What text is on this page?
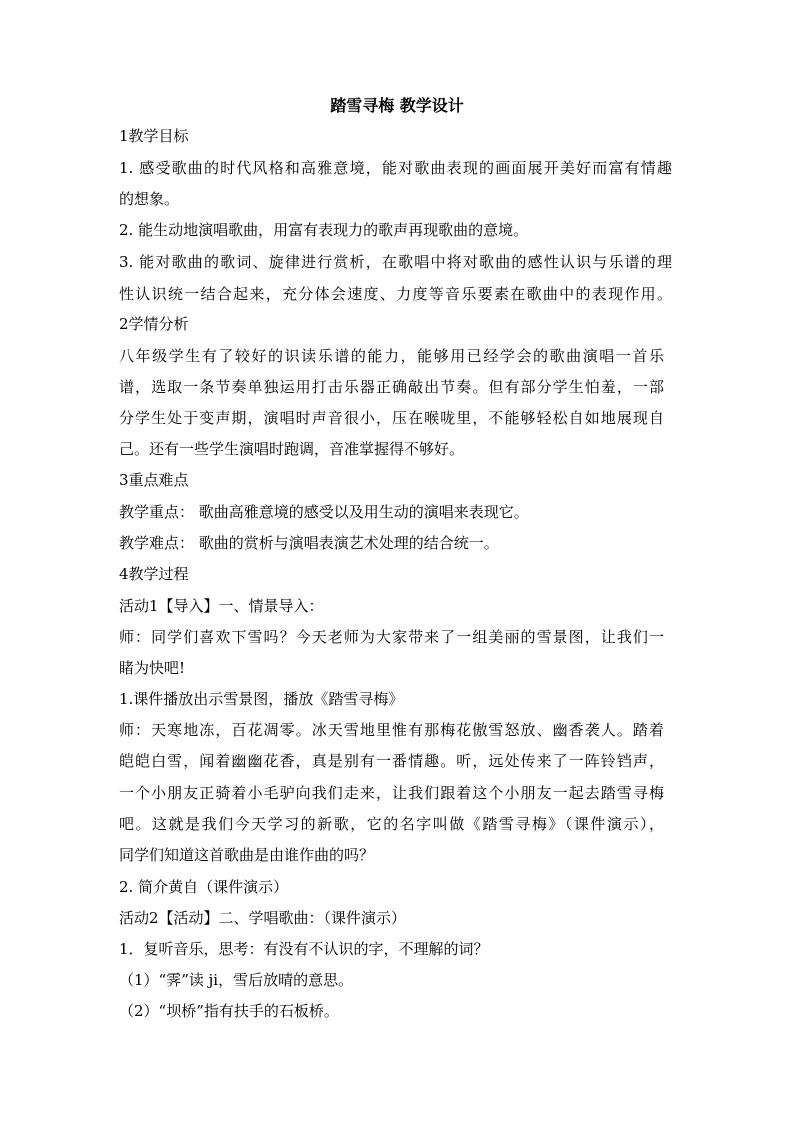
踏雪寻梅 教学设计
1教学目标
1. 感受歌曲的时代风格和高雅意境，能对歌曲表现的画面展开美好而富有情趣
的想象。
2. 能生动地演唱歌曲，用富有表现力的歌声再现歌曲的意境。
3. 能对歌曲的歌词、旋律进行赏析，在歌唱中将对歌曲的感性认识与乐谱的理
性认识统一结合起来，充分体会速度、力度等音乐要素在歌曲中的表现作用。
2学情分析
八年级学生有了较好的识读乐谱的能力，能够用已经学会的歌曲演唱一首乐
谱，选取一条节奏单独运用打击乐器正确敲出节奏。但有部分学生怕羞，一部
分学生处于变声期，演唱时声音很小，压在喉咙里，不能够轻松自如地展现自
己。还有一些学生演唱时跑调，音准掌握得不够好。
3重点难点
教学重点： 歌曲高雅意境的感受以及用生动的演唱来表现它。
教学难点： 歌曲的赏析与演唱表演艺术处理的结合统一。
4教学过程
活动1【导入】一、情景导入：
师：同学们喜欢下雪吗？今天老师为大家带来了一组美丽的雪景图，让我们一
睹为快吧!
1.课件播放出示雪景图，播放《踏雪寻梅》
师：天寒地冻，百花凋零。冰天雪地里惟有那梅花傲雪怒放、幽香袭人。踏着
皑皑白雪，闻着幽幽花香，真是别有一番情趣。听，远处传来了一阵铃铛声，
一个小朋友正骑着小毛驴向我们走来，让我们跟着这个小朋友一起去踏雪寻梅
吧。这就是我们今天学习的新歌，它的名字叫做《踏雪寻梅》（课件演示），
同学们知道这首歌曲是由谁作曲的吗？
2. 简介黄自（课件演示）
活动2【活动】二、学唱歌曲：（课件演示）
1．复听音乐，思考：有没有不认识的字，不理解的词？
（1）“霁”读 ji，雪后放晴的意思。
（2）“坝桥”指有扶手的石板桥。
